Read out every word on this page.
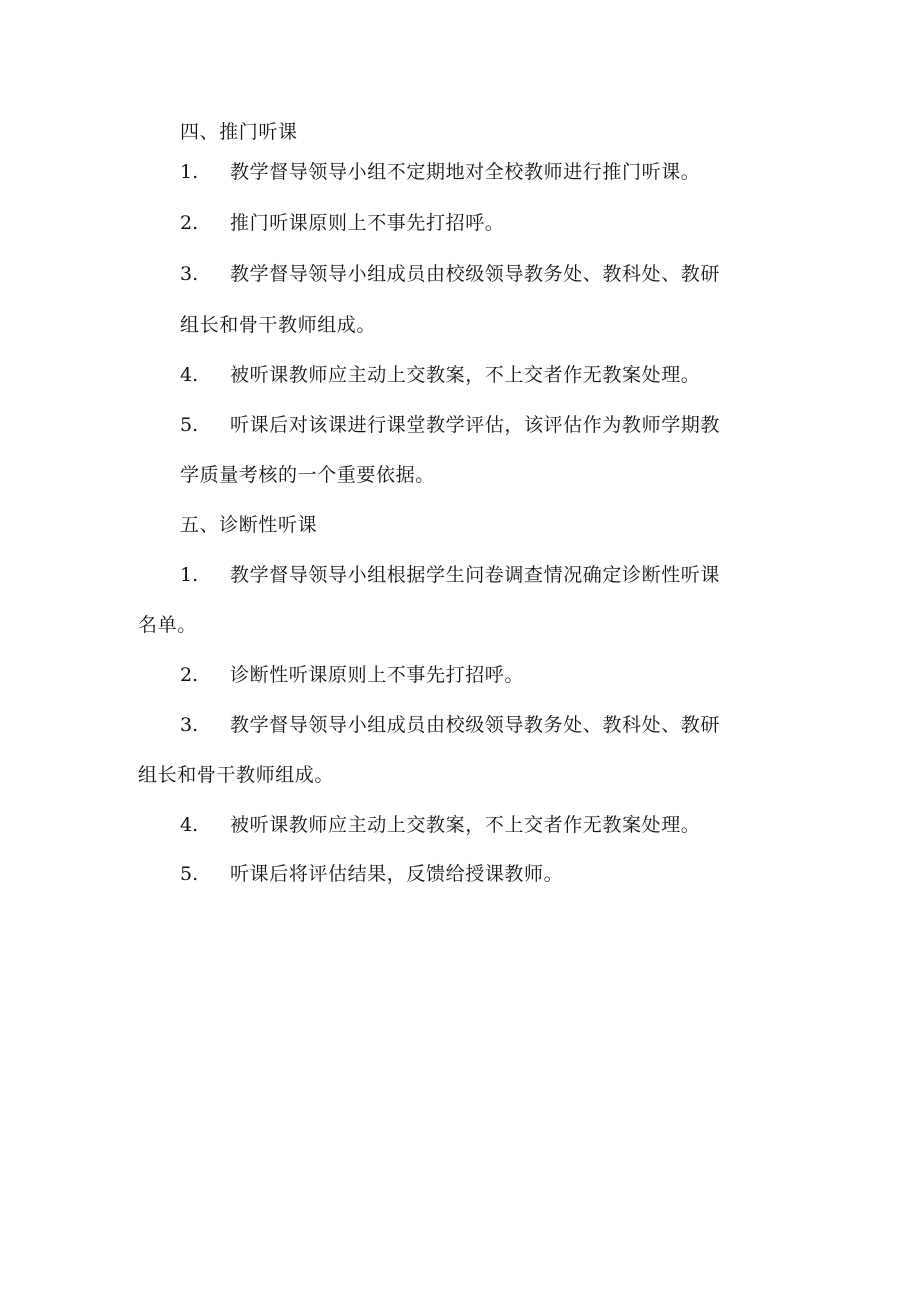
四、推门听课
1. 教学督导领导小组不定期地对全校教师进行推门听课。
2. 推门听课原则上不事先打招呼。
3. 教学督导领导小组成员由校级领导教务处、教科处、教研
组长和骨干教师组成。
4. 被听课教师应主动上交教案，不上交者作无教案处理。
5. 听课后对该课进行课堂教学评估，该评估作为教师学期教
学质量考核的一个重要依据。
五、诊断性听课
1. 教学督导领导小组根据学生问卷调查情况确定诊断性听课
名单。
2. 诊断性听课原则上不事先打招呼。
3. 教学督导领导小组成员由校级领导教务处、教科处、教研
组长和骨干教师组成。
4. 被听课教师应主动上交教案，不上交者作无教案处理。
5. 听课后将评估结果，反馈给授课教师。
